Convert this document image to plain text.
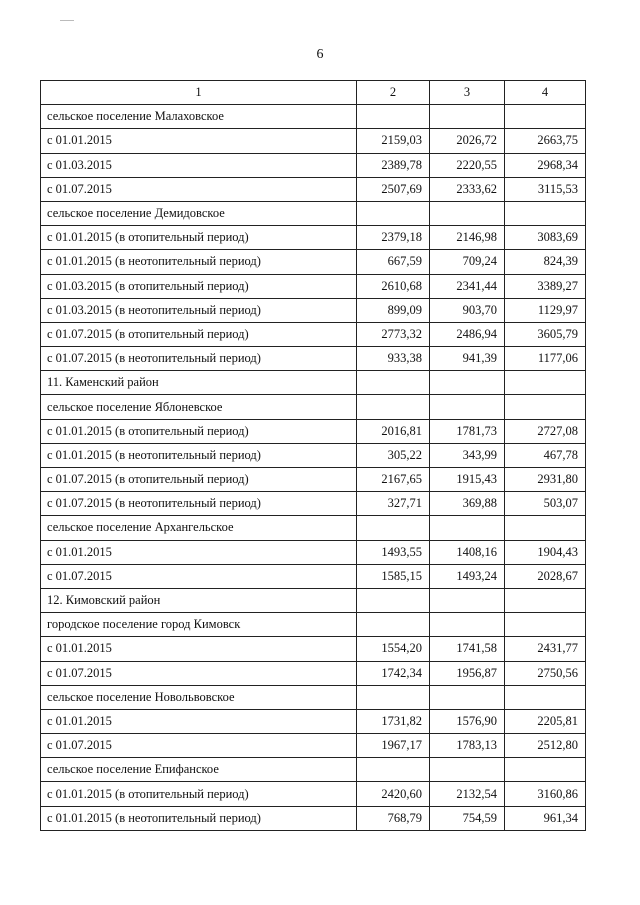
6
1	2	3	4
сельское поселение Малаховское			
с 01.01.2015	2159,03	2026,72	2663,75
с 01.03.2015	2389,78	2220,55	2968,34
с 01.07.2015	2507,69	2333,62	3115,53
сельское поселение Демидовское			
с 01.01.2015 (в отопительный период)	2379,18	2146,98	3083,69
с 01.01.2015 (в неотопительный период)	667,59	709,24	824,39
с 01.03.2015 (в отопительный период)	2610,68	2341,44	3389,27
с 01.03.2015 (в неотопительный период)	899,09	903,70	1129,97
с 01.07.2015 (в отопительный период)	2773,32	2486,94	3605,79
с 01.07.2015 (в неотопительный период)	933,38	941,39	1177,06
11. Каменский район			
сельское поселение Яблоневское			
с 01.01.2015 (в отопительный период)	2016,81	1781,73	2727,08
с 01.01.2015 (в неотопительный период)	305,22	343,99	467,78
с 01.07.2015 (в отопительный период)	2167,65	1915,43	2931,80
с 01.07.2015 (в неотопительный период)	327,71	369,88	503,07
сельское поселение Архангельское			
с 01.01.2015	1493,55	1408,16	1904,43
с 01.07.2015	1585,15	1493,24	2028,67
12. Кимовский район			
городское поселение город Кимовск			
с 01.01.2015	1554,20	1741,58	2431,77
с 01.07.2015	1742,34	1956,87	2750,56
сельское поселение Новольвовское			
с 01.01.2015	1731,82	1576,90	2205,81
с 01.07.2015	1967,17	1783,13	2512,80
сельское поселение Епифанское			
с 01.01.2015 (в отопительный период)	2420,60	2132,54	3160,86
с 01.01.2015 (в неотопительный период)	768,79	754,59	961,34
